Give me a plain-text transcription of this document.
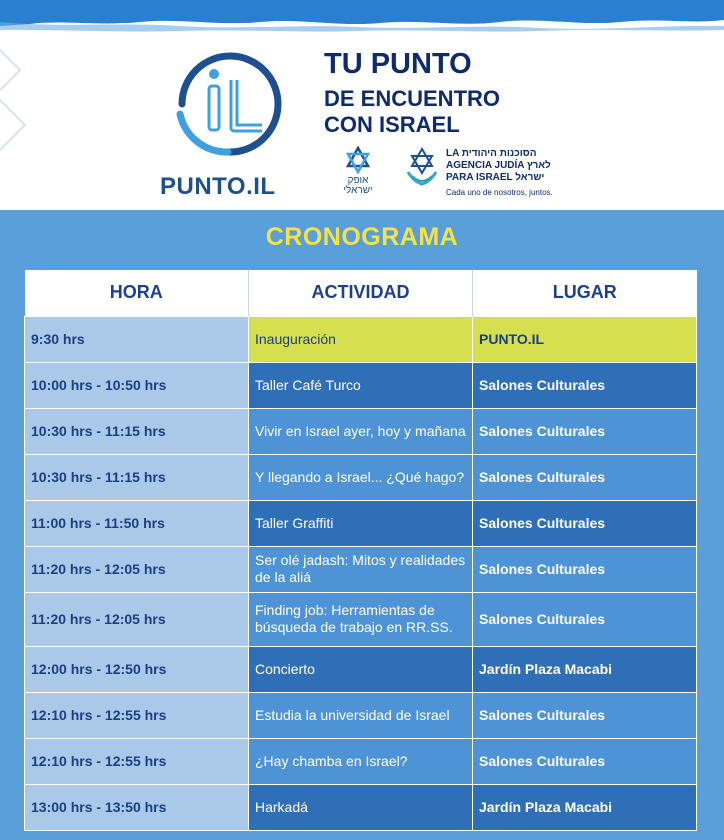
PUNTO.IL
TU PUNTO
DE ENCUENTRO
CON ISRAEL
אופק
ישראלי
LA הסוכנות היהודית
AGENCIA JUDÍA לארץ
PARA ISRAEL ישראל
Cada uno de nosotros, juntos.
CRONOGRAMA
HORA	ACTIVIDAD	LUGAR
9:30 hrs	Inauguración	PUNTO.IL
10:00 hrs - 10:50 hrs	Taller Café Turco	Salones Culturales
10:30 hrs - 11:15 hrs	Vivir en Israel ayer, hoy y mañana	Salones Culturales
10:30 hrs - 11:15 hrs	Y llegando a Israel... ¿Qué hago?	Salones Culturales
11:00 hrs - 11:50 hrs	Taller Graffiti	Salones Culturales
11:20 hrs - 12:05 hrs	Ser olé jadash: Mitos y realidades de la aliá	Salones Culturales
11:20 hrs - 12:05 hrs	Finding job: Herramientas de búsqueda de trabajo en RR.SS.	Salones Culturales
12:00 hrs - 12:50 hrs	Concierto	Jardín Plaza Macabi
12:10 hrs - 12:55 hrs	Estudia la universidad de Israel	Salones Culturales
12:10 hrs - 12:55 hrs	¿Hay chamba en Israel?	Salones Culturales
13:00 hrs - 13:50 hrs	Harkadá	Jardín Plaza Macabi
